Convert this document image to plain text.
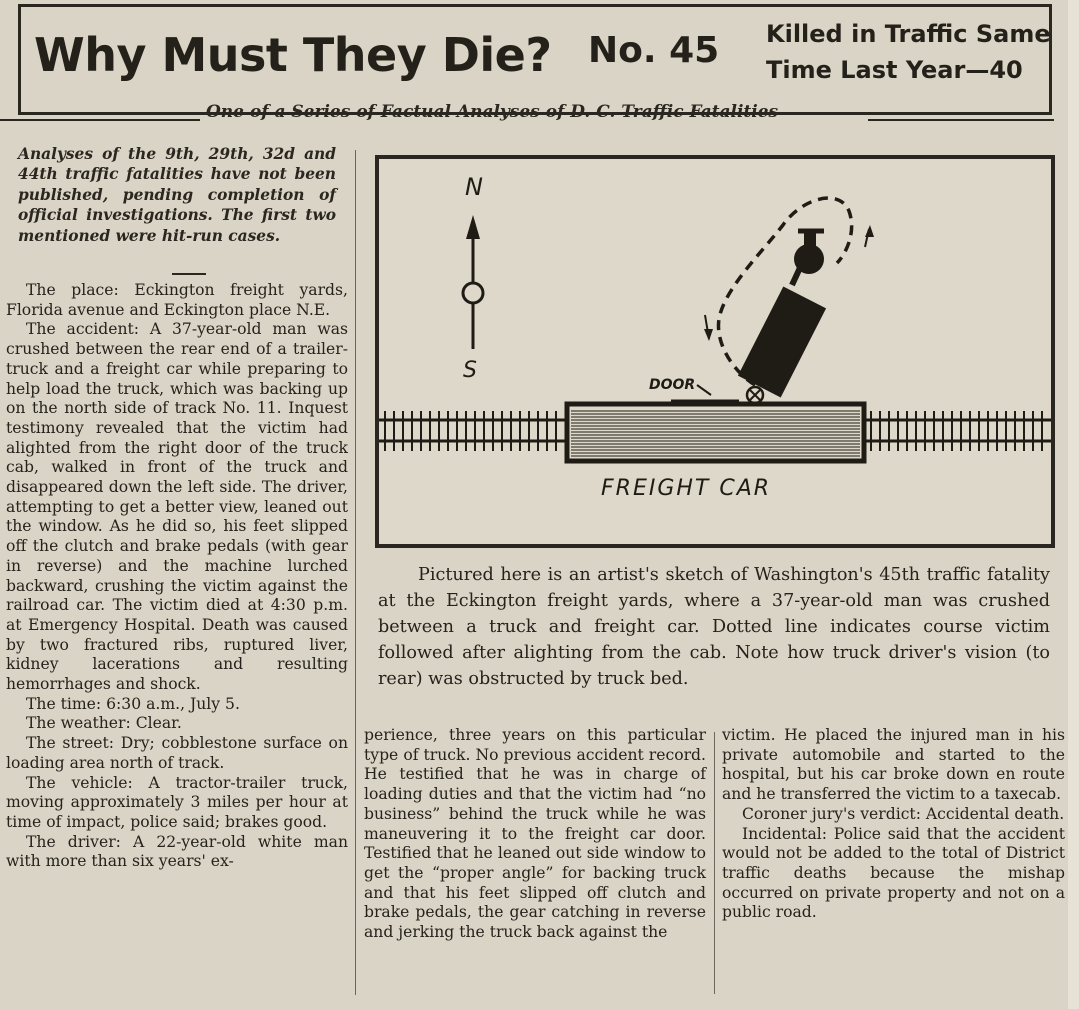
Why Must They Die? No. 45 Killed in Traffic Same
Time Last Year—40
One of a Series of Factual Analyses of D. C. Traffic Fatalities
Analyses of the 9th, 29th, 32d and 44th traffic fatalities have not been published, pending completion of official investigations. The first two mentioned were hit-run cases.

The place: Eckington freight yards, Florida avenue and Eckington place N.E.

The accident: A 37-year-old man was crushed between the rear end of a trailer-truck and a freight car while preparing to help load the truck, which was backing up on the north side of track No. 11. Inquest testimony revealed that the victim had alighted from the right door of the truck cab, walked in front of the truck and disappeared down the left side. The driver, attempting to get a better view, leaned out the window. As he did so, his feet slipped off the clutch and brake pedals (with gear in reverse) and the machine lurched backward, crushing the victim against the railroad car. The victim died at 4:30 p.m. at Emergency Hospital. Death was caused by two fractured ribs, ruptured liver, kidney lacerations and resulting hemorrhages and shock.

The time: 6:30 a.m., July 5.

The weather: Clear.

The street: Dry; cobblestone surface on loading area north of track.

The vehicle: A tractor-trailer truck, moving approximately 3 miles per hour at time of impact, police said; brakes good.

The driver: A 22-year-old white man with more than six years' ex-

N
S
FREIGHT CAR
DOOR
Pictured here is an artist's sketch of Washington's 45th traffic fatality at the Eckington freight yards, where a 37-year-old man was crushed between a truck and freight car. Dotted line indicates course victim followed after alighting from the cab. Note how truck driver's vision (to rear) was obstructed by truck bed.

perience, three years on this particular type of truck. No previous accident record. He testified that he was in charge of loading duties and that the victim had “no business” behind the truck while he was maneuvering it to the freight car door. Testified that he leaned out side window to get the “proper angle” for backing truck and that his feet slipped off clutch and brake pedals, the gear catching in reverse and jerking the truck back against the

victim. He placed the injured man in his private automobile and started to the hospital, but his car broke down en route and he transferred the victim to a taxecab.

Coroner jury's verdict: Accidental death.

Incidental: Police said that the accident would not be added to the total of District traffic deaths because the mishap occurred on private property and not on a public road.
